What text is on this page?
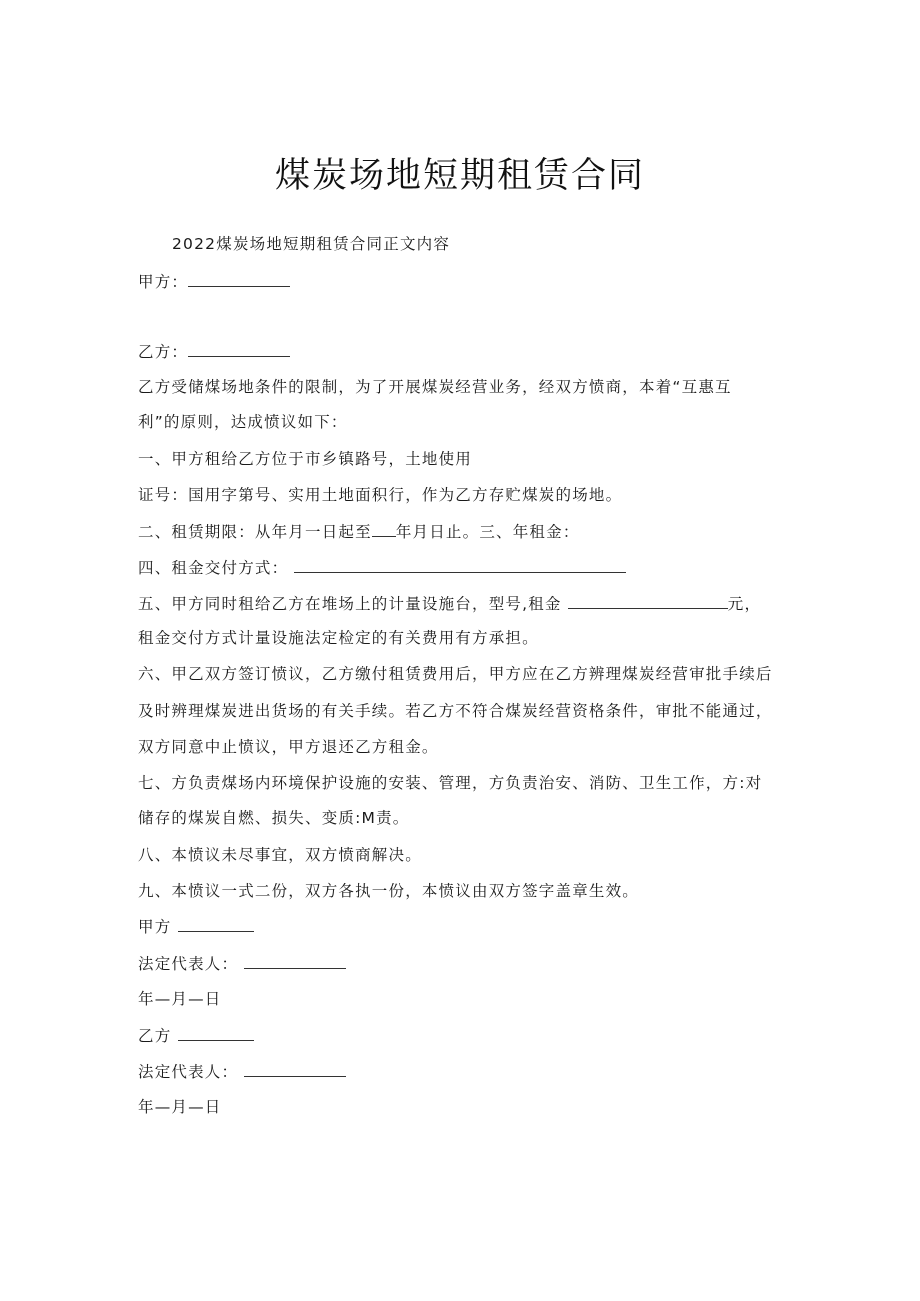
煤炭场地短期租赁合同
2022煤炭场地短期租赁合同正文内容
甲方：
乙方：
乙方受储煤场地条件的限制，为了开展煤炭经营业务，经双方愤商，本着“互惠互
利”的原则，达成愤议如下：
一、甲方租给乙方位于市乡镇路号，土地使用
证号：国用字第号、实用土地面积行，作为乙方存贮煤炭的场地。
二、租赁期限：从年月一日起至 年月日止。三、年租金：
四、租金交付方式：
五、甲方同时租给乙方在堆场上的计量设施台，型号,租金	元，
租金交付方式计量设施法定检定的有关费用有方承担。
六、甲乙双方签订愤议，乙方缴付租赁费用后，甲方应在乙方辨理煤炭经营审批手续后
及时辨理煤炭进出货场的有关手续。若乙方不符合煤炭经营资格条件，审批不能通过，
双方同意中止愤议，甲方退还乙方租金。
七、方负责煤场内环境保护设施的安装、管理，方负责治安、消防、卫生工作，方:对
储存的煤炭自燃、损失、变质:M责。
八、本愤议未尽事宜，双方愤商解决。
九、本愤议一式二份，双方各执一份，本愤议由双方签字盖章生效。
甲方
法定代表人：
年—月—日
乙方
法定代表人：
年—月—日
